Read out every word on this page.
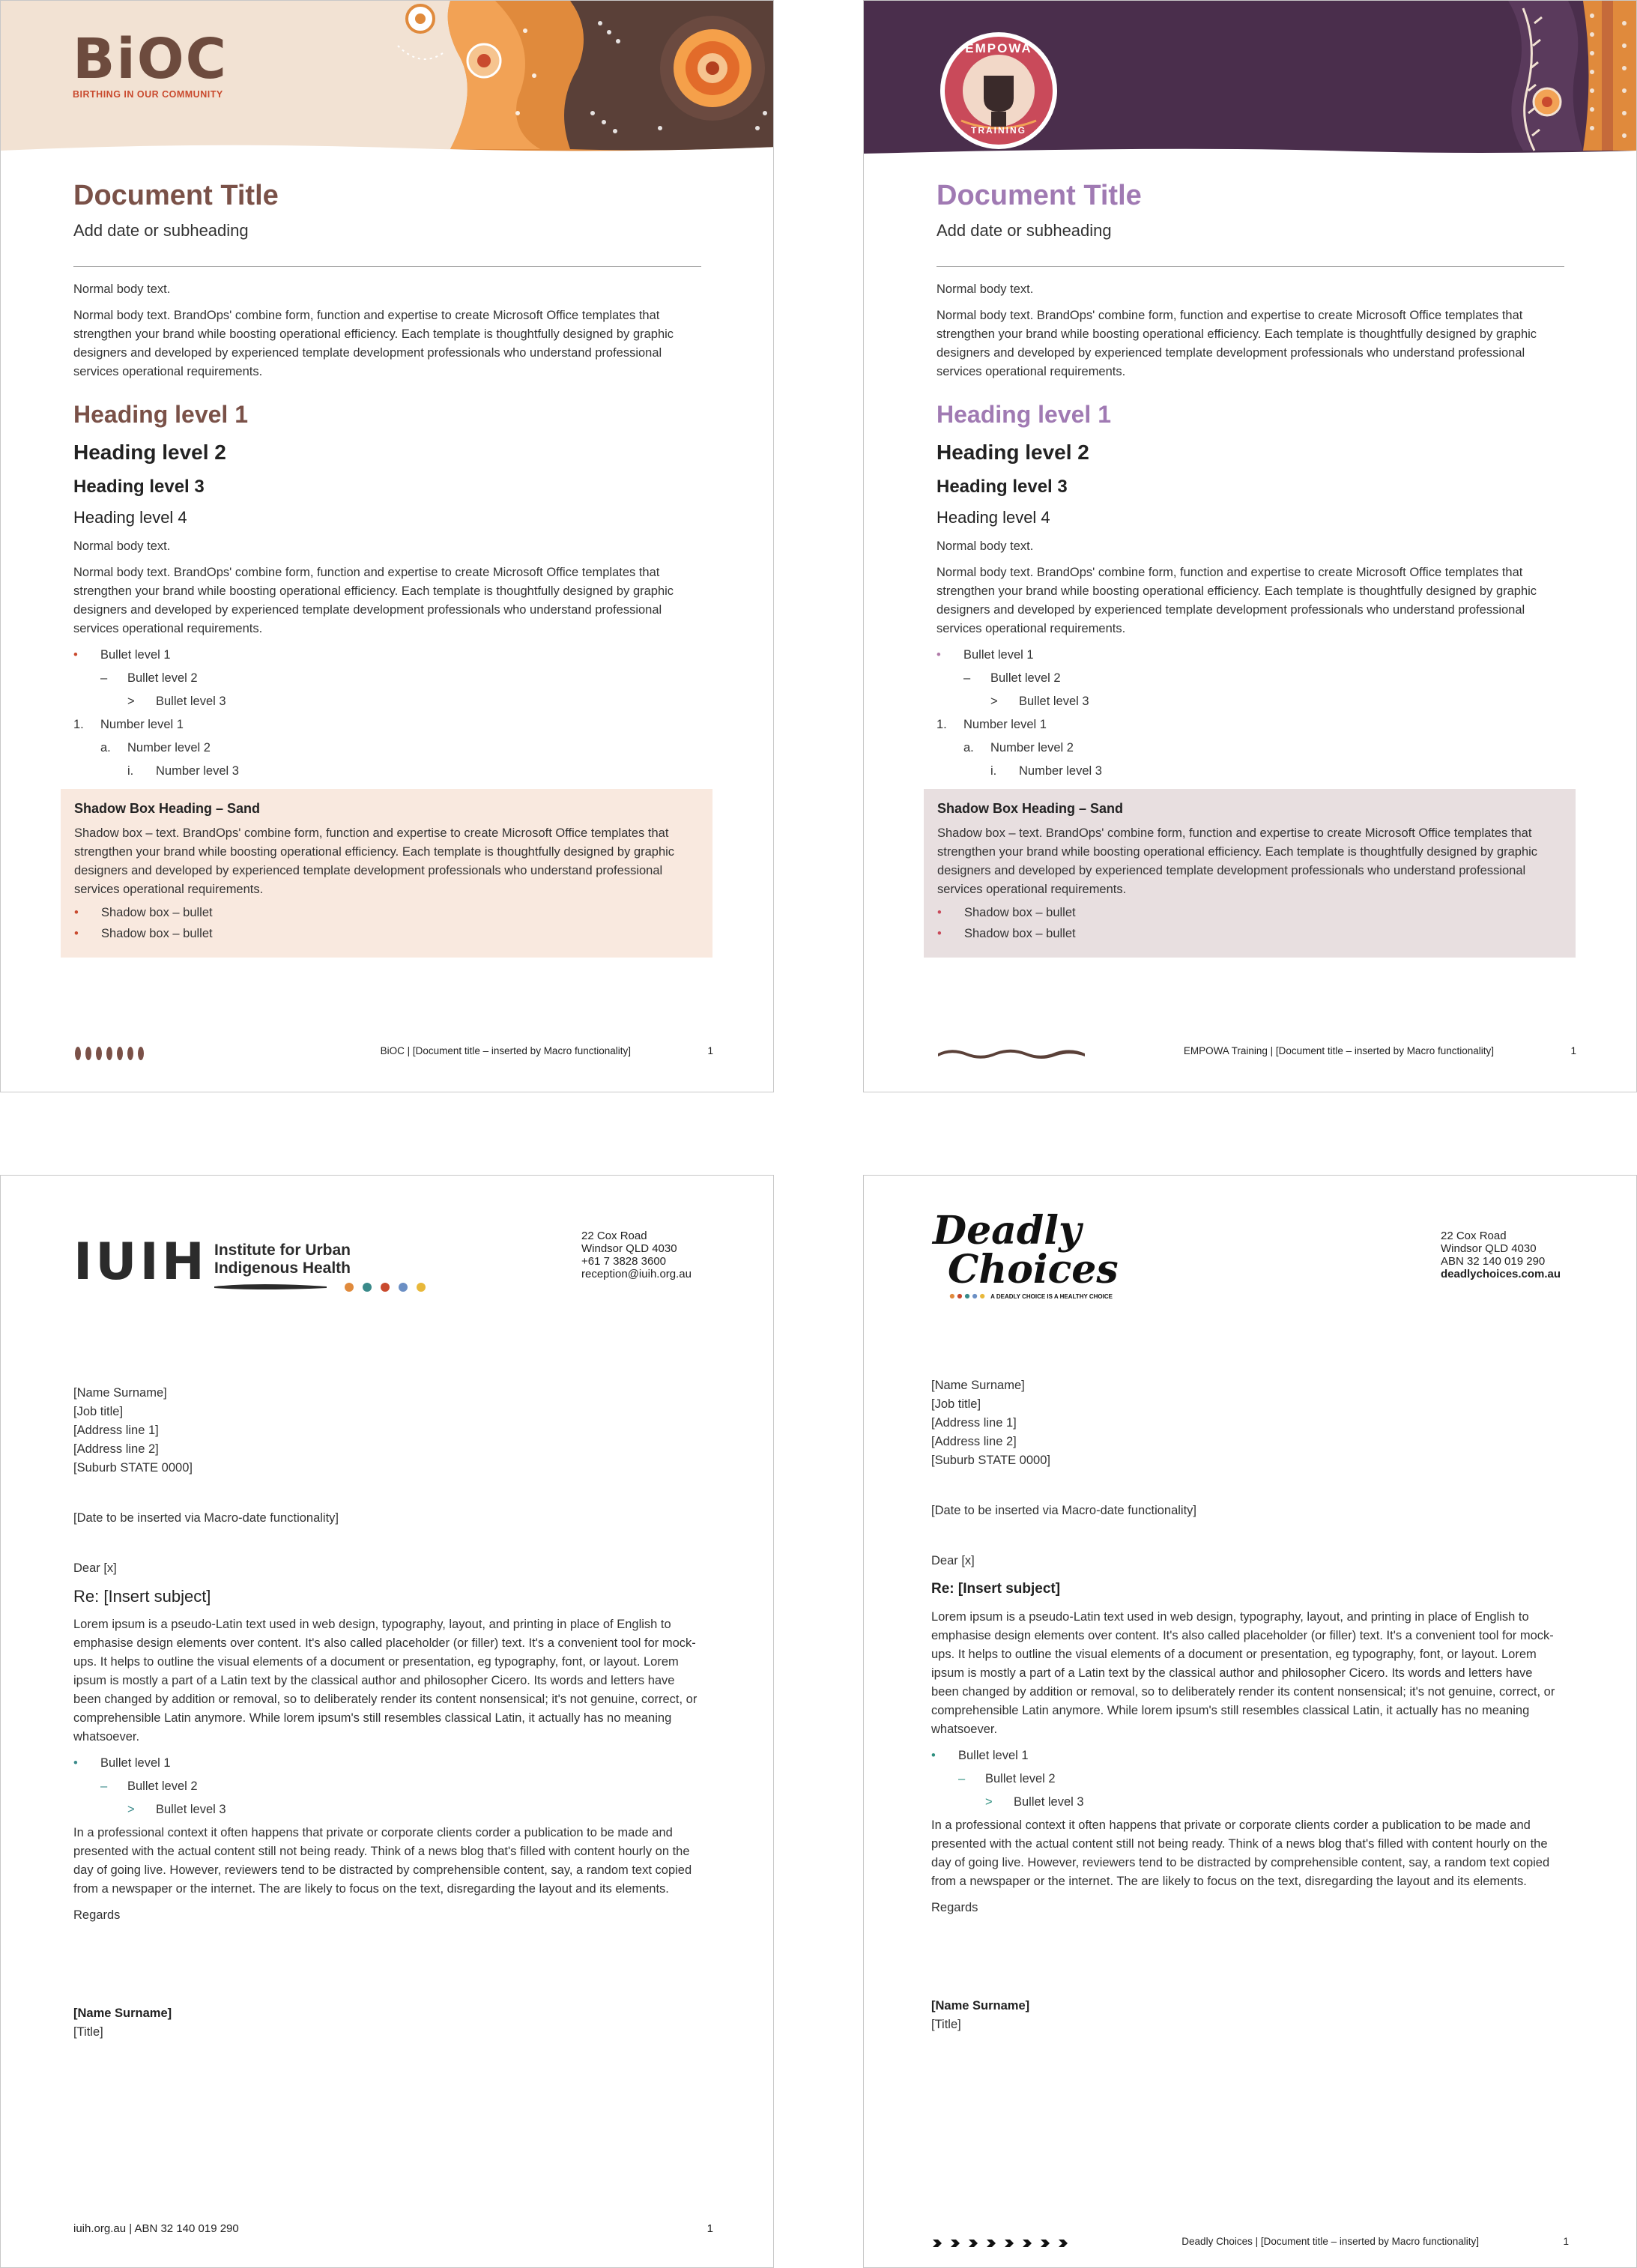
BiOC
BIRTHING IN OUR COMMUNITY
Document Title
Add date or subheading

Normal body text.

Normal body text. BrandOps' combine form, function and expertise to create Microsoft Office templates that strengthen your brand while boosting operational efficiency. Each template is thoughtfully designed by graphic designers and developed by experienced template development professionals who understand professional services operational requirements.

Heading level 1
Heading level 2
Heading level 3
Heading level 4

Normal body text.

Normal body text. BrandOps' combine form, function and expertise to create Microsoft Office templates that strengthen your brand while boosting operational efficiency. Each template is thoughtfully designed by graphic designers and developed by experienced template development professionals who understand professional services operational requirements.

• Bullet level 1
– Bullet level 2
> Bullet level 3
1. Number level 1
a. Number level 2
i. Number level 3
Shadow Box Heading – Sand

Shadow box – text. BrandOps' combine form, function and expertise to create Microsoft Office templates that strengthen your brand while boosting operational efficiency. Each template is thoughtfully designed by graphic designers and developed by experienced template development professionals who understand professional services operational requirements.

• Shadow box – bullet
• Shadow box – bullet
BiOC | [Document title – inserted by Macro functionality]	1
EMPOWA
TRAINING
Document Title
Add date or subheading

Normal body text.

Normal body text. BrandOps' combine form, function and expertise to create Microsoft Office templates that strengthen your brand while boosting operational efficiency. Each template is thoughtfully designed by graphic designers and developed by experienced template development professionals who understand professional services operational requirements.

Heading level 1
Heading level 2
Heading level 3
Heading level 4

Normal body text.

Normal body text. BrandOps' combine form, function and expertise to create Microsoft Office templates that strengthen your brand while boosting operational efficiency. Each template is thoughtfully designed by graphic designers and developed by experienced template development professionals who understand professional services operational requirements.

• Bullet level 1
– Bullet level 2
> Bullet level 3
1. Number level 1
a. Number level 2
i. Number level 3
Shadow Box Heading – Sand

Shadow box – text. BrandOps' combine form, function and expertise to create Microsoft Office templates that strengthen your brand while boosting operational efficiency. Each template is thoughtfully designed by graphic designers and developed by experienced template development professionals who understand professional services operational requirements.

• Shadow box – bullet
• Shadow box – bullet
EMPOWA Training | [Document title – inserted by Macro functionality]	1
IUIH Institute for Urban
Indigenous Health
22 Cox Road
Windsor QLD 4030
+61 7 3828 3600
reception@iuih.org.au
[Name Surname]
[Job title]
[Address line 1]
[Address line 2]
[Suburb STATE 0000]
[Date to be inserted via Macro-date functionality]
Dear [x]
Re: [Insert subject]

Lorem ipsum is a pseudo-Latin text used in web design, typography, layout, and printing in place of English to emphasise design elements over content. It's also called placeholder (or filler) text. It's a convenient tool for mock-ups. It helps to outline the visual elements of a document or presentation, eg typography, font, or layout. Lorem ipsum is mostly a part of a Latin text by the classical author and philosopher Cicero. Its words and letters have been changed by addition or removal, so to deliberately render its content nonsensical; it's not genuine, correct, or comprehensible Latin anymore. While lorem ipsum's still resembles classical Latin, it actually has no meaning whatsoever.

• Bullet level 1
– Bullet level 2
> Bullet level 3

In a professional context it often happens that private or corporate clients corder a publication to be made and presented with the actual content still not being ready. Think of a news blog that's filled with content hourly on the day of going live. However, reviewers tend to be distracted by comprehensible content, say, a random text copied from a newspaper or the internet. The are likely to focus on the text, disregarding the layout and its elements.

Regards
[Name Surname]
[Title]
iuih.org.au | ABN 32 140 019 290	1
Deadly
Choices
A DEADLY CHOICE IS A HEALTHY CHOICE
22 Cox Road
Windsor QLD 4030
ABN 32 140 019 290
deadlychoices.com.au
[Name Surname]
[Job title]
[Address line 1]
[Address line 2]
[Suburb STATE 0000]
[Date to be inserted via Macro-date functionality]
Dear [x]
Re: [Insert subject]

Lorem ipsum is a pseudo-Latin text used in web design, typography, layout, and printing in place of English to emphasise design elements over content. It's also called placeholder (or filler) text. It's a convenient tool for mock-ups. It helps to outline the visual elements of a document or presentation, eg typography, font, or layout. Lorem ipsum is mostly a part of a Latin text by the classical author and philosopher Cicero. Its words and letters have been changed by addition or removal, so to deliberately render its content nonsensical; it's not genuine, correct, or comprehensible Latin anymore. While lorem ipsum's still resembles classical Latin, it actually has no meaning whatsoever.

• Bullet level 1
– Bullet level 2
> Bullet level 3

In a professional context it often happens that private or corporate clients corder a publication to be made and presented with the actual content still not being ready. Think of a news blog that's filled with content hourly on the day of going live. However, reviewers tend to be distracted by comprehensible content, say, a random text copied from a newspaper or the internet. The are likely to focus on the text, disregarding the layout and its elements.

Regards
[Name Surname]
[Title]
Deadly Choices | [Document title – inserted by Macro functionality]	1
